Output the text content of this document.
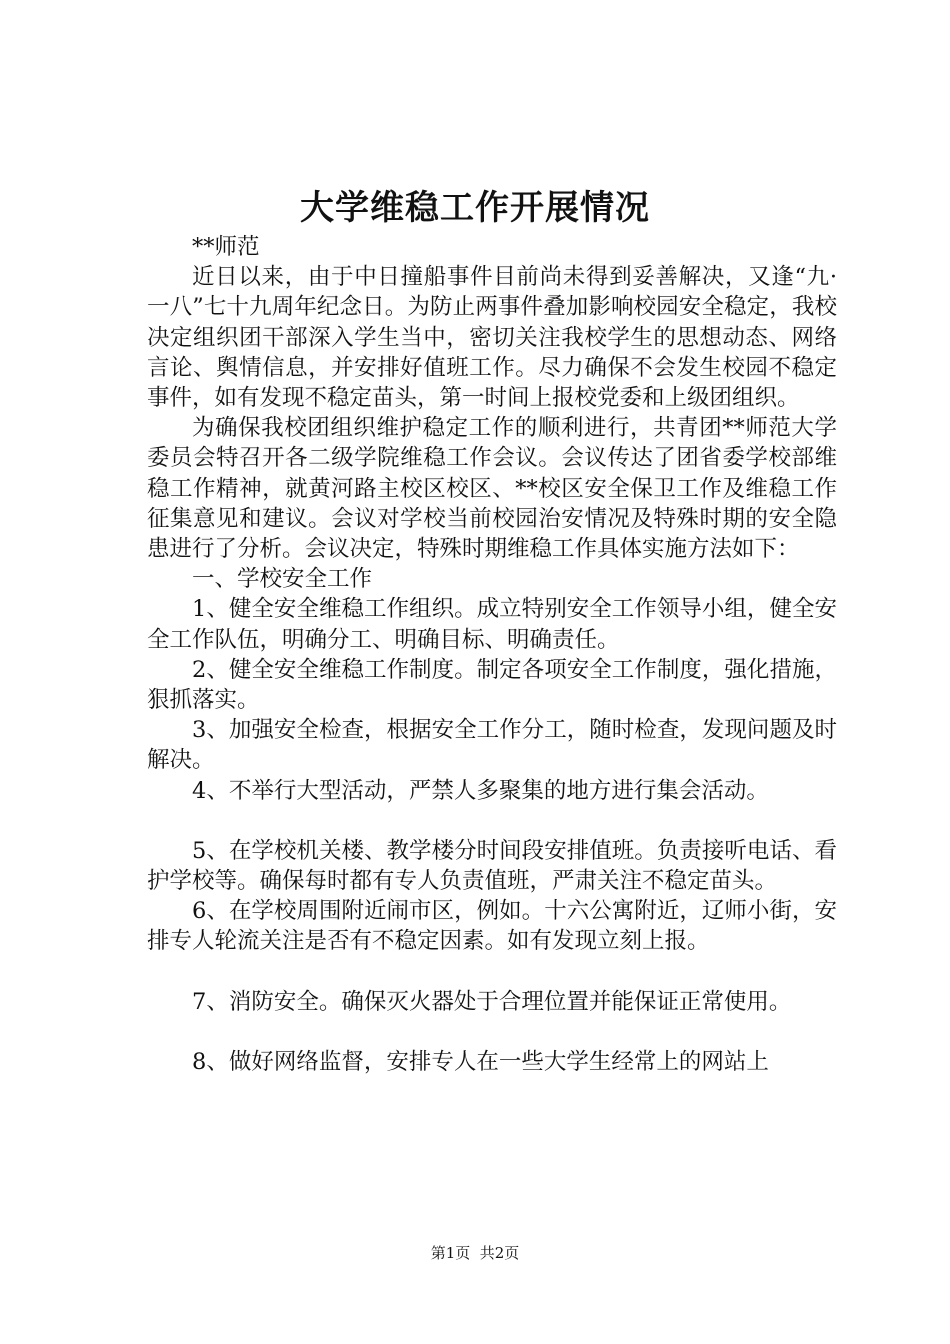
大学维稳工作开展情况

**师范

近日以来，由于中日撞船事件目前尚未得到妥善解决，又逢“九·一八”七十九周年纪念日。为防止两事件叠加影响校园安全稳定，我校决定组织团干部深入学生当中，密切关注我校学生的思想动态、网络言论、舆情信息，并安排好值班工作。尽力确保不会发生校园不稳定事件，如有发现不稳定苗头，第一时间上报校党委和上级团组织。

为确保我校团组织维护稳定工作的顺利进行，共青团**师范大学委员会特召开各二级学院维稳工作会议。会议传达了团省委学校部维稳工作精神，就黄河路主校区校区、**校区安全保卫工作及维稳工作征集意见和建议。会议对学校当前校园治安情况及特殊时期的安全隐患进行了分析。会议决定，特殊时期维稳工作具体实施方法如下：

一、学校安全工作

1、健全安全维稳工作组织。成立特别安全工作领导小组，健全安全工作队伍，明确分工、明确目标、明确责任。

2、健全安全维稳工作制度。制定各项安全工作制度，强化措施，狠抓落实。

3、加强安全检查，根据安全工作分工，随时检查，发现问题及时解决。

4、不举行大型活动，严禁人多聚集的地方进行集会活动。

5、在学校机关楼、教学楼分时间段安排值班。负责接听电话、看护学校等。确保每时都有专人负责值班，严肃关注不稳定苗头。

6、在学校周围附近闹市区，例如。十六公寓附近，辽师小街，安排专人轮流关注是否有不稳定因素。如有发现立刻上报。

7、消防安全。确保灭火器处于合理位置并能保证正常使用。

8、做好网络监督，安排专人在一些大学生经常上的网站上

第1页  共2页
